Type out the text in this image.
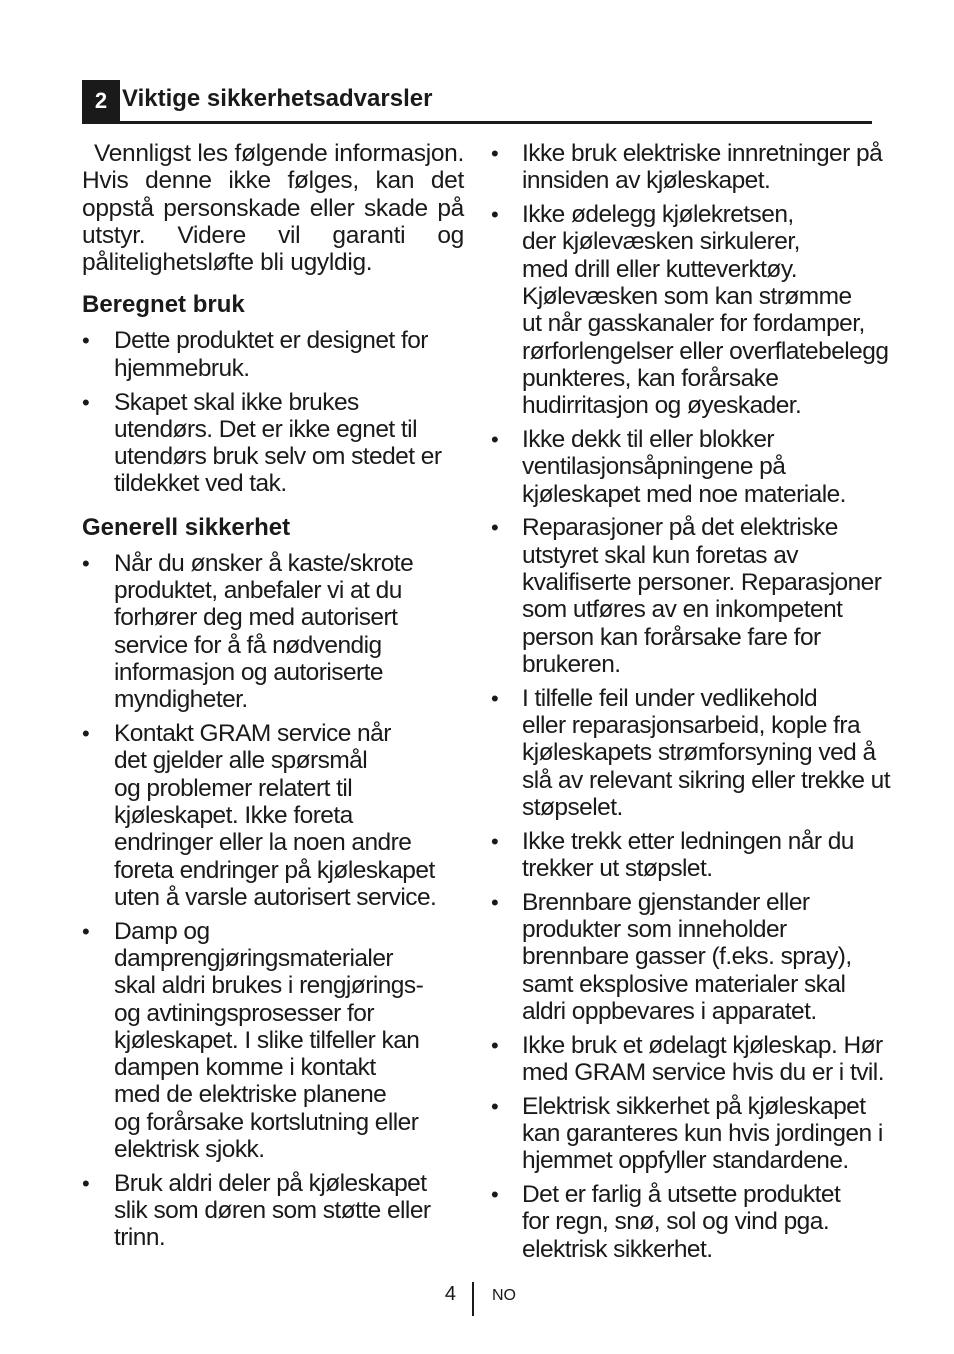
2 Viktige sikkerhetsadvarsler

Vennligst les følgende informasjon. Hvis denne ikke følges, kan det oppstå personskade eller skade på utstyr. Videre vil garanti og pålitelighetsløfte bli ugyldig.

Beregnet bruk
• Dette produktet er designet for
hjemmebruk.
• Skapet skal ikke brukes
utendørs. Det er ikke egnet til
utendørs bruk selv om stedet er
tildekket ved tak.
Generell sikkerhet
• Når du ønsker å kaste/skrote
produktet, anbefaler vi at du
forhører deg med autorisert
service for å få nødvendig
informasjon og autoriserte
myndigheter.
• Kontakt GRAM service når
det gjelder alle spørsmål
og problemer relatert til
kjøleskapet. Ikke foreta
endringer eller la noen andre
foreta endringer på kjøleskapet
uten å varsle autorisert service.
• Damp og
damprengjøringsmaterialer
skal aldri brukes i rengjørings-
og avtiningsprosesser for
kjøleskapet. I slike tilfeller kan
dampen komme i kontakt
med de elektriske planene
og forårsake kortslutning eller
elektrisk sjokk.
• Bruk aldri deler på kjøleskapet
slik som døren som støtte eller
trinn.
• Ikke bruk elektriske innretninger på
innsiden av kjøleskapet.
• Ikke ødelegg kjølekretsen,
der kjølevæsken sirkulerer,
med drill eller kutteverktøy.
Kjølevæsken som kan strømme
ut når gasskanaler for fordamper,
rørforlengelser eller overflatebelegg
punkteres, kan forårsake
hudirritasjon og øyeskader.
• Ikke dekk til eller blokker
ventilasjonsåpningene på
kjøleskapet med noe materiale.
• Reparasjoner på det elektriske
utstyret skal kun foretas av
kvalifiserte personer. Reparasjoner
som utføres av en inkompetent
person kan forårsake fare for
brukeren.
• I tilfelle feil under vedlikehold
eller reparasjonsarbeid, kople fra
kjøleskapets strømforsyning ved å
slå av relevant sikring eller trekke ut
støpselet.
• Ikke trekk etter ledningen når du
trekker ut støpslet.
• Brennbare gjenstander eller
produkter som inneholder
brennbare gasser (f.eks. spray),
samt eksplosive materialer skal
aldri oppbevares i apparatet.
• Ikke bruk et ødelagt kjøleskap. Hør
med GRAM service hvis du er i tvil.
• Elektrisk sikkerhet på kjøleskapet
kan garanteres kun hvis jordingen i
hjemmet oppfyller standardene.
• Det er farlig å utsette produktet
for regn, snø, sol og vind pga.
elektrisk sikkerhet.
4 NO
